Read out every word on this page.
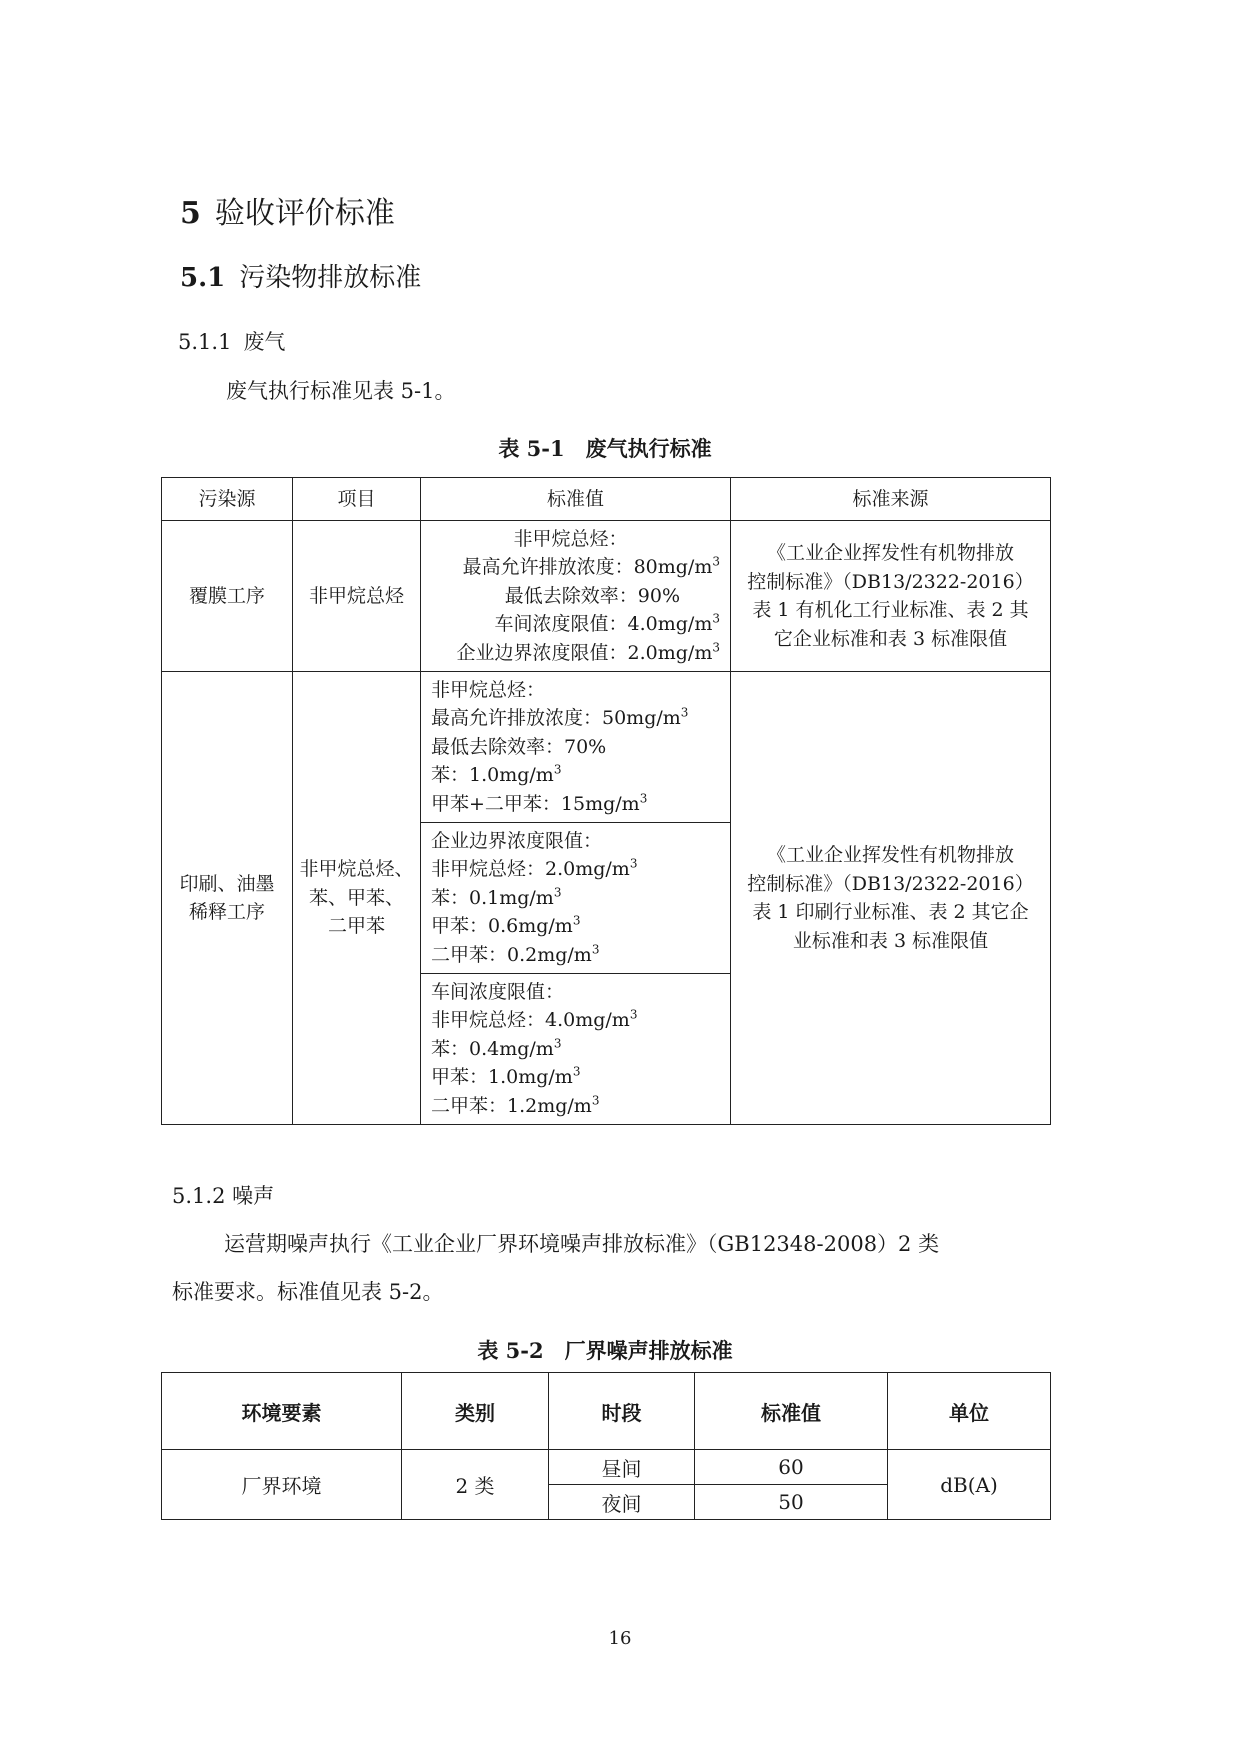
5 验收评价标准
5.1 污染物排放标准
5.1.1 废气
废气执行标准见表 5-1。
表 5-1　废气执行标准
污染源	项目	标准值	标准来源
覆膜工序	非甲烷总烃	非甲烷总烃：
最高允许排放浓度：$80mg/m^3$
最低去除效率：90%
车间浓度限值：$4.0mg/m^3$
企业边界浓度限值：$2.0mg/m^3$	《工业企业挥发性有机物排放
控制标准》（DB13/2322-2016）
表 1 有机化工行业标准、表 2 其
它企业标准和表 3 标准限值

印刷、油墨
稀释工序	非甲烷总烃、
苯、甲苯、
二甲苯	非甲烷总烃：
最高允许排放浓度：$50mg/m^3$
最低去除效率：70%
苯：$1.0mg/m^3$
甲苯+二甲苯：$15mg/m^3$	《工业企业挥发性有机物排放
控制标准》（DB13/2322-2016）
表 1 印刷行业标准、表 2 其它企
业标准和表 3 标准限值

		企业边界浓度限值：
非甲烷总烃：$2.0mg/m^3$
苯：$0.1mg/m^3$
甲苯：$0.6mg/m^3$
二甲苯：$0.2mg/m^3$

		车间浓度限值：
非甲烷总烃：$4.0mg/m^3$
苯：$0.4mg/m^3$
甲苯：$1.0mg/m^3$
二甲苯：$1.2mg/m^3$
5.1.2 噪声
运营期噪声执行《工业企业厂界环境噪声排放标准》（GB12348-2008）2 类
标准要求。标准值见表 5-2。
表 5-2　厂界噪声排放标准
环境要素	类别	时段	标准值	单位
厂界环境	2 类	昼间	60	dB(A)
		夜间	50	
16
